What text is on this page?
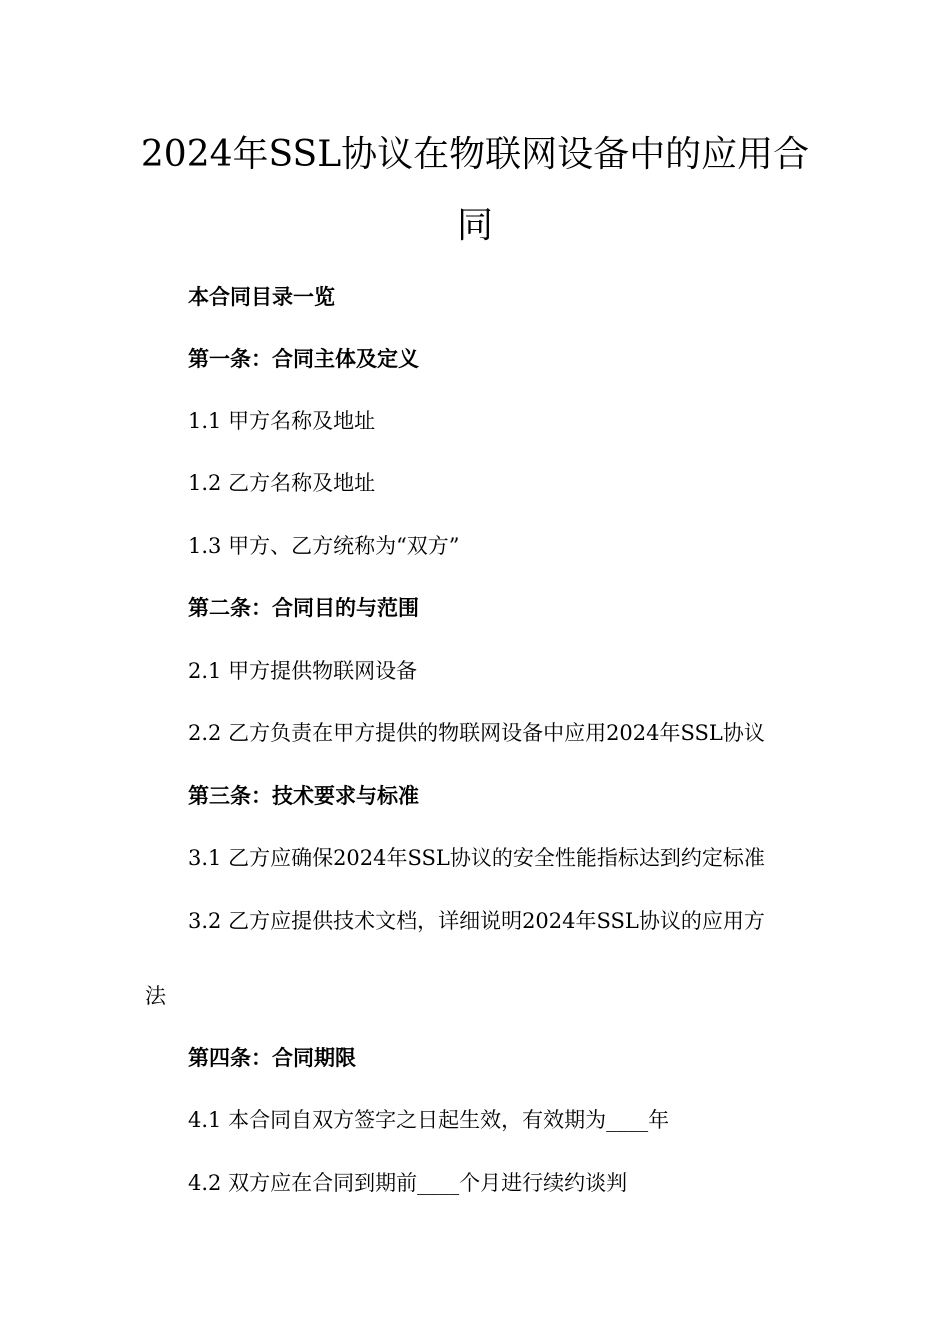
2024年SSL协议在物联网设备中的应用合
同

本合同目录一览

第一条：合同主体及定义

1.1 甲方名称及地址

1.2 乙方名称及地址

1.3 甲方、乙方统称为“双方”

第二条：合同目的与范围

2.1 甲方提供物联网设备

2.2 乙方负责在甲方提供的物联网设备中应用2024年SSL协议

第三条：技术要求与标准

3.1 乙方应确保2024年SSL协议的安全性能指标达到约定标准

3.2 乙方应提供技术文档，详细说明2024年SSL协议的应用方

法

第四条：合同期限

4.1 本合同自双方签字之日起生效，有效期为____年

4.2 双方应在合同到期前____个月进行续约谈判
